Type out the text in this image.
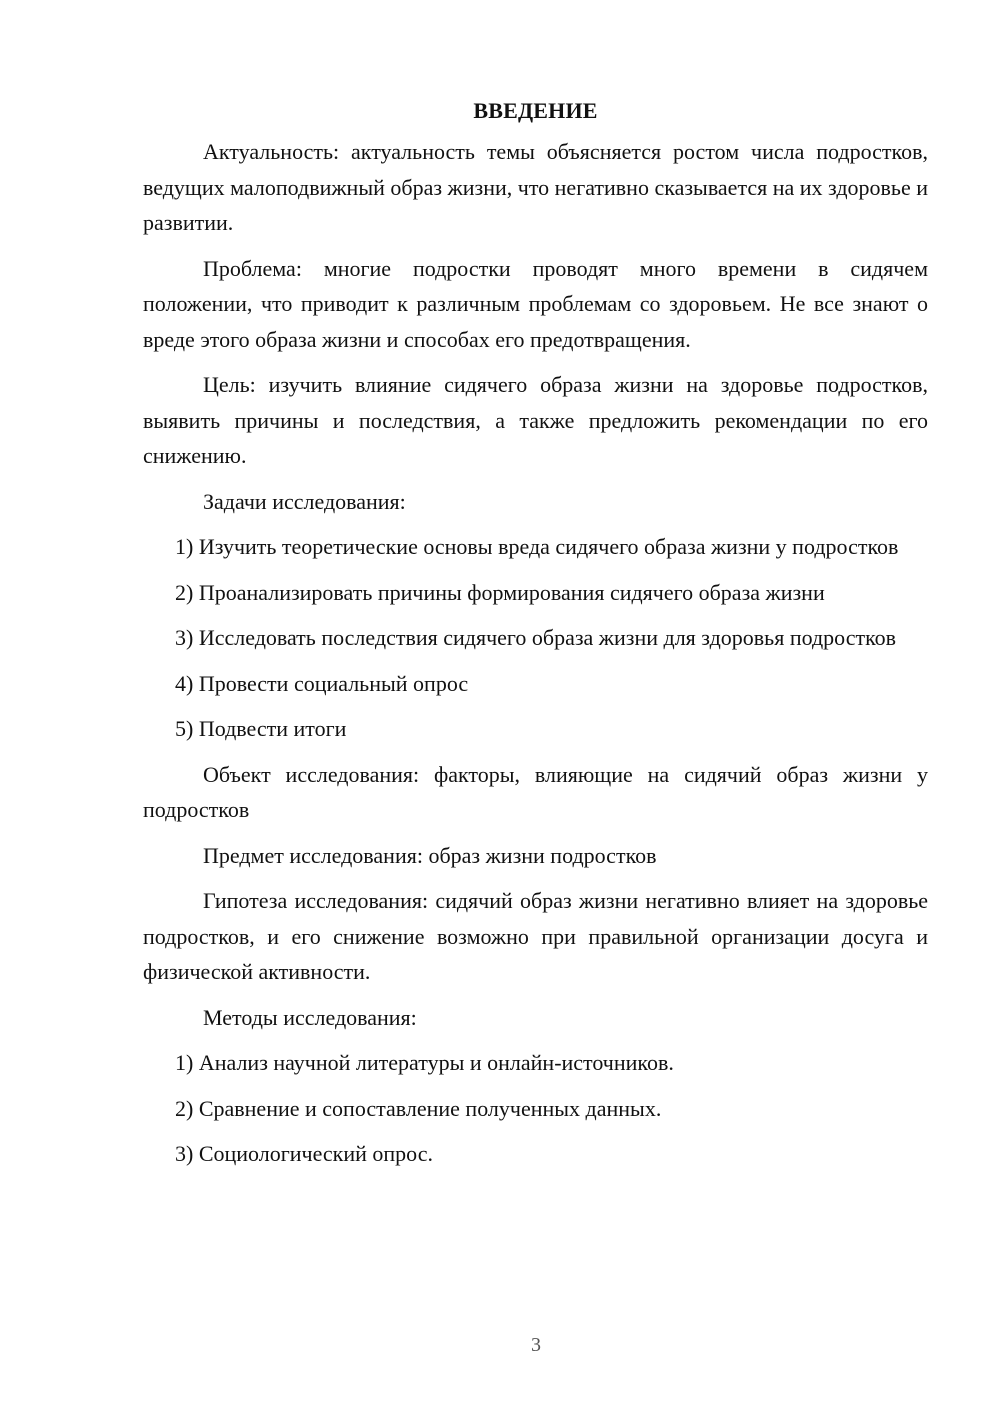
ВВЕДЕНИЕ

Актуальность: актуальность темы объясняется ростом числа подростков, ведущих малоподвижный образ жизни, что негативно сказывается на их здоровье и развитии.

Проблема: многие подростки проводят много времени в сидячем положении, что приводит к различным проблемам со здоровьем. Не все знают о вреде этого образа жизни и способах его предотвращения.

Цель: изучить влияние сидячего образа жизни на здоровье подростков, выявить причины и последствия, а также предложить рекомендации по его снижению.

Задачи исследования:

1) Изучить теоретические основы вреда сидячего образа жизни у подростков

2) Проанализировать причины формирования сидячего образа жизни

3) Исследовать последствия сидячего образа жизни для здоровья подростков

4) Провести социальный опрос

5) Подвести итоги

Объект исследования: факторы, влияющие на сидячий образ жизни у подростков

Предмет исследования: образ жизни подростков

Гипотеза исследования: сидячий образ жизни негативно влияет на здоровье подростков, и его снижение возможно при правильной организации досуга и физической активности.

Методы исследования:

1) Анализ научной литературы и онлайн-источников.

2) Сравнение и сопоставление полученных данных.

3) Социологический опрос.

3
